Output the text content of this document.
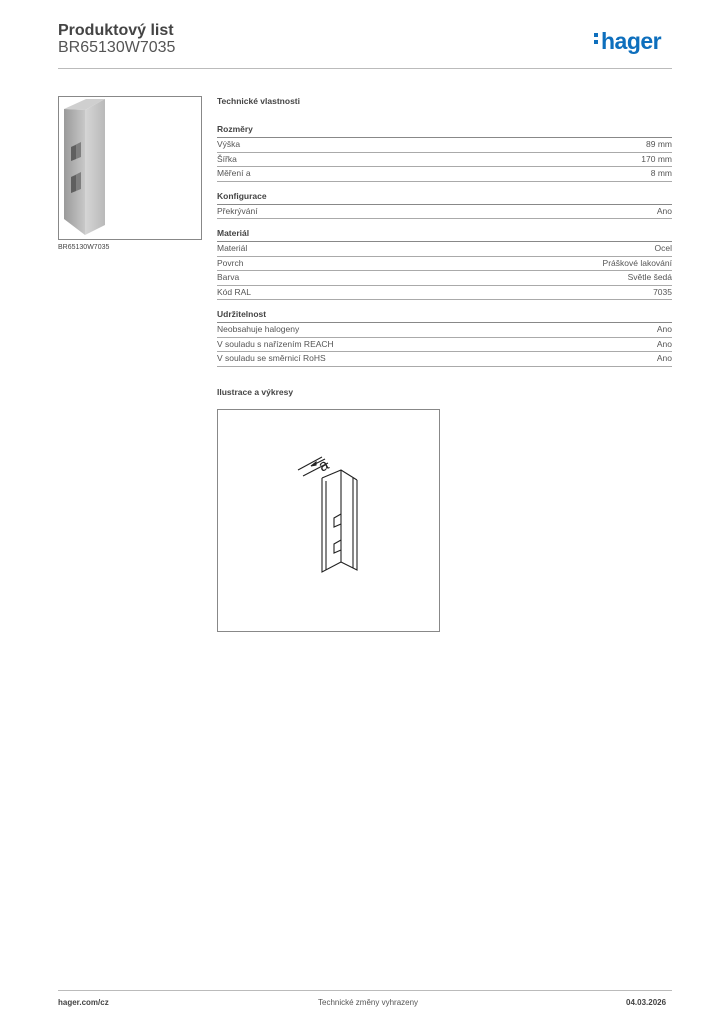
Produktový list
BR65130W7035	hager
BR65130W7035
Technické vlastnosti
Rozměry
Výška	89 mm
Šířka	170 mm
Měření a	8 mm
Konfigurace
Překrývání	Ano
Materiál
Materiál	Ocel
Povrch	Práškové lakování
Barva	Světle šedá
Kód RAL	7035
Udržitelnost
Neobsahuje halogeny	Ano
V souladu s nařízením REACH	Ano
V souladu se směrnicí RoHS	Ano
Ilustrace a výkresy
a
hager.com/cz	Technické změny vyhrazeny	04.03.2026
